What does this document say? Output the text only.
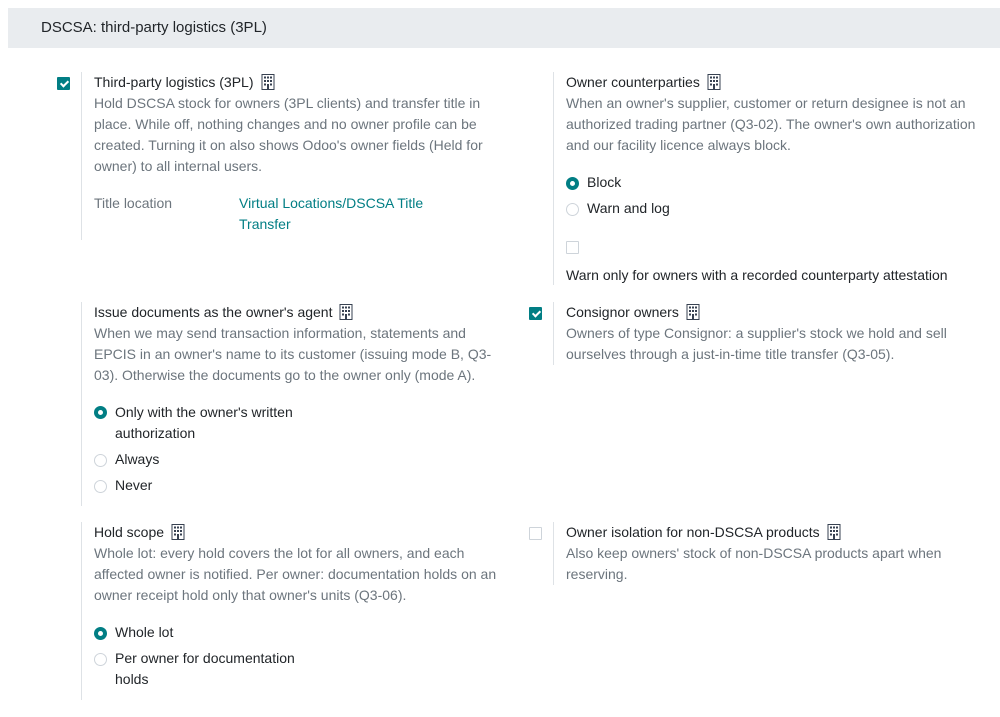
DSCSA: third-party logistics (3PL)
Third-party logistics (3PL)
Hold DSCSA stock for owners (3PL clients) and transfer title in place. While off, nothing changes and no owner profile can be created. Turning it on also shows Odoo's owner fields (Held for owner) to all internal users.
Title location	Virtual Locations/DSCSA Title Transfer
Owner counterparties
When an owner's supplier, customer or return designee is not an authorized trading partner (Q3-02). The owner's own authorization and our facility licence always block.
Block
Warn and log
Warn only for owners with a recorded counterparty attestation
Issue documents as the owner's agent
When we may send transaction information, statements and EPCIS in an owner's name to its customer (issuing mode B, Q3-03). Otherwise the documents go to the owner only (mode A).
Only with the owner's written authorization
Always
Never
Consignor owners
Owners of type Consignor: a supplier's stock we hold and sell ourselves through a just-in-time title transfer (Q3-05).
Hold scope
Whole lot: every hold covers the lot for all owners, and each affected owner is notified. Per owner: documentation holds on an owner receipt hold only that owner's units (Q3-06).
Whole lot
Per owner for documentation holds
Owner isolation for non-DSCSA products
Also keep owners' stock of non-DSCSA products apart when reserving.
